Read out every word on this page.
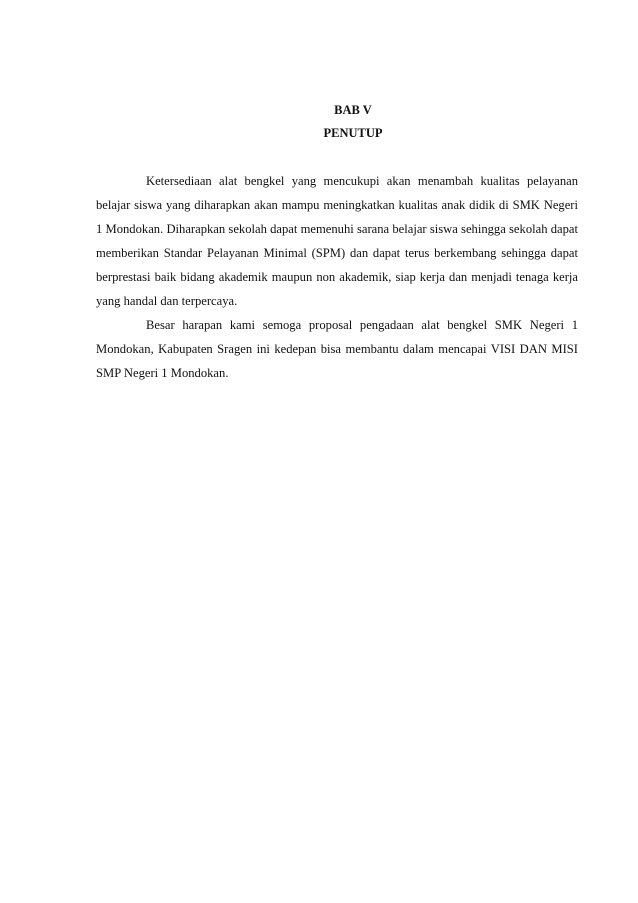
BAB V
PENUTUP

Ketersediaan alat bengkel yang mencukupi akan menambah kualitas pelayanan belajar siswa yang diharapkan akan mampu meningkatkan kualitas anak didik di SMK Negeri 1 Mondokan. Diharapkan sekolah dapat memenuhi sarana belajar siswa sehingga sekolah dapat memberikan Standar Pelayanan Minimal (SPM) dan dapat terus berkembang sehingga dapat berprestasi baik bidang akademik maupun non akademik, siap kerja dan menjadi tenaga kerja yang handal dan terpercaya.

Besar harapan kami semoga proposal pengadaan alat bengkel SMK Negeri 1 Mondokan, Kabupaten Sragen ini kedepan bisa membantu dalam mencapai VISI DAN MISI SMP Negeri 1 Mondokan.
